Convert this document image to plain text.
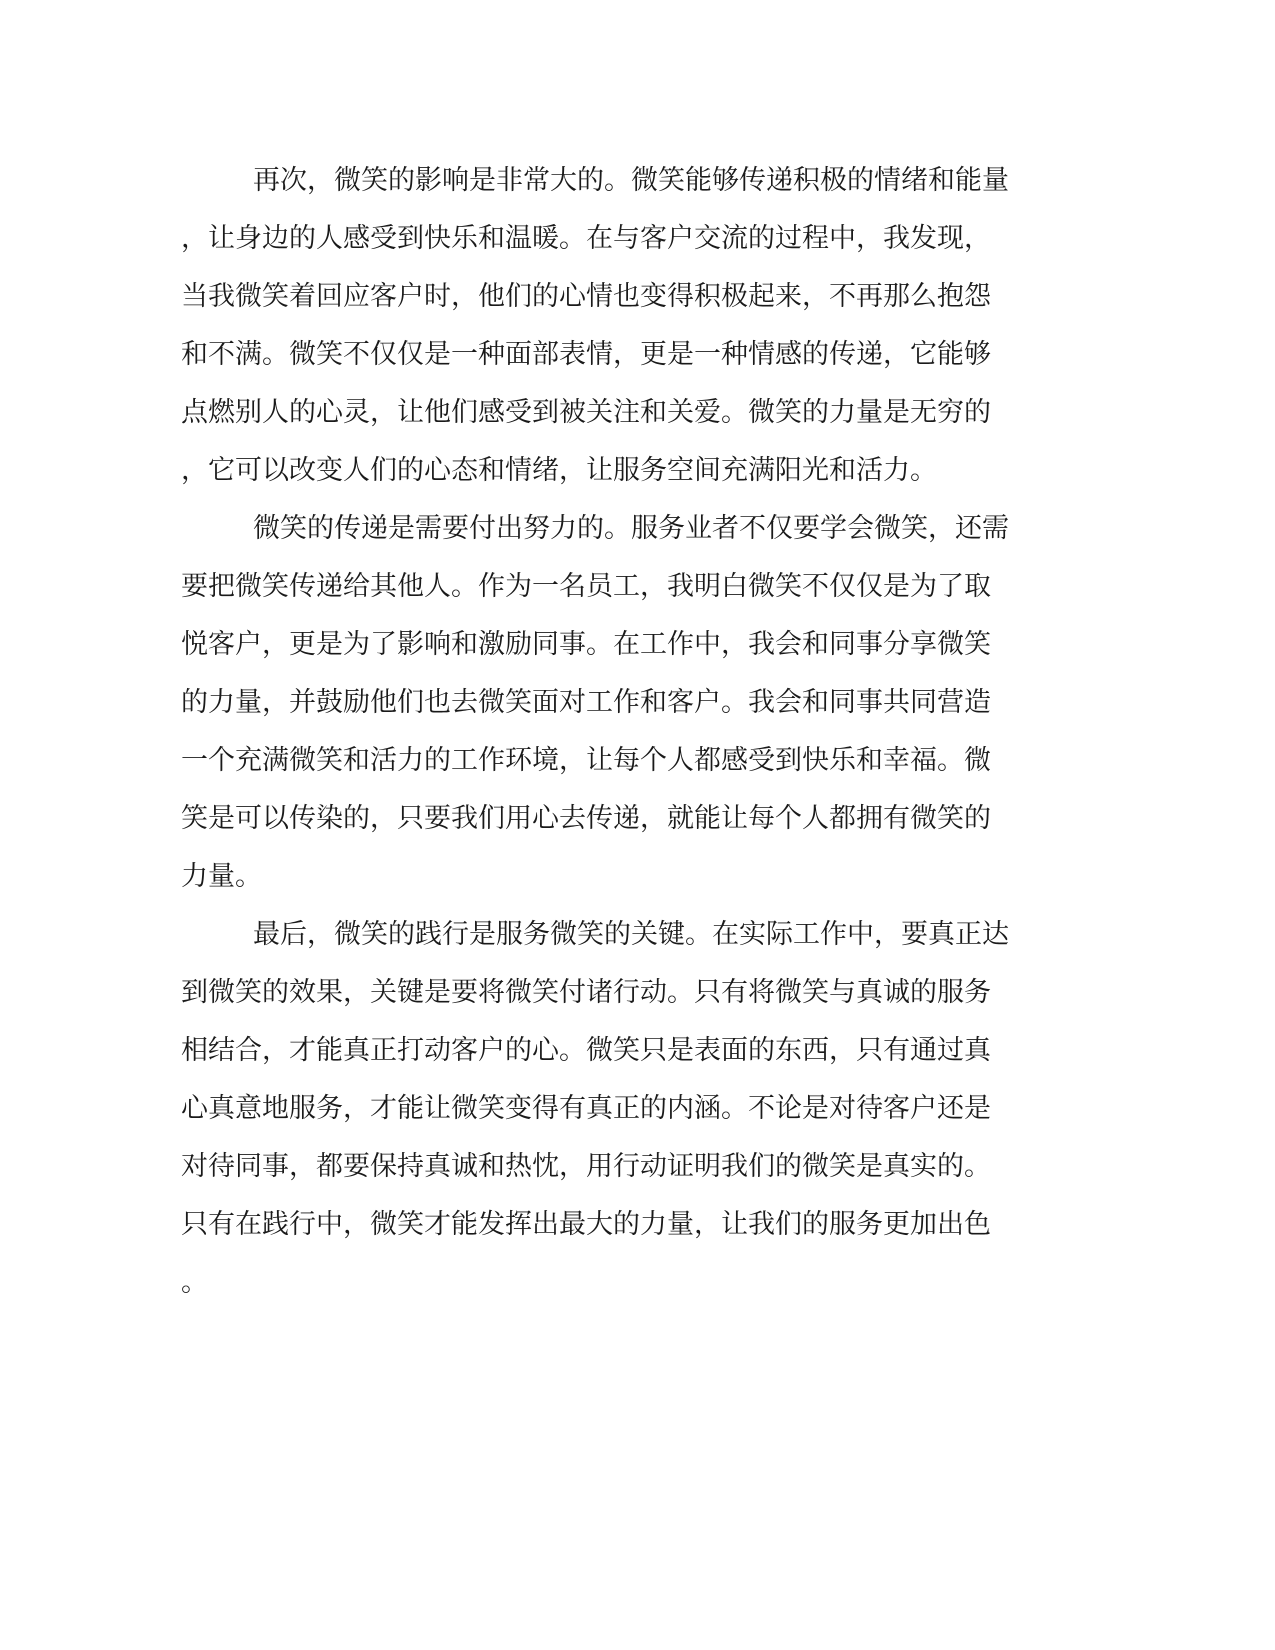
再次，微笑的影响是非常大的。微笑能够传递积极的情绪和能量
，让身边的人感受到快乐和温暖。在与客户交流的过程中，我发现，
当我微笑着回应客户时，他们的心情也变得积极起来，不再那么抱怨
和不满。微笑不仅仅是一种面部表情，更是一种情感的传递，它能够
点燃别人的心灵，让他们感受到被关注和关爱。微笑的力量是无穷的
，它可以改变人们的心态和情绪，让服务空间充满阳光和活力。
微笑的传递是需要付出努力的。服务业者不仅要学会微笑，还需
要把微笑传递给其他人。作为一名员工，我明白微笑不仅仅是为了取
悦客户，更是为了影响和激励同事。在工作中，我会和同事分享微笑
的力量，并鼓励他们也去微笑面对工作和客户。我会和同事共同营造
一个充满微笑和活力的工作环境，让每个人都感受到快乐和幸福。微
笑是可以传染的，只要我们用心去传递，就能让每个人都拥有微笑的
力量。
最后，微笑的践行是服务微笑的关键。在实际工作中，要真正达
到微笑的效果，关键是要将微笑付诸行动。只有将微笑与真诚的服务
相结合，才能真正打动客户的心。微笑只是表面的东西，只有通过真
心真意地服务，才能让微笑变得有真正的内涵。不论是对待客户还是
对待同事，都要保持真诚和热忱，用行动证明我们的微笑是真实的。
只有在践行中，微笑才能发挥出最大的力量，让我们的服务更加出色
。
